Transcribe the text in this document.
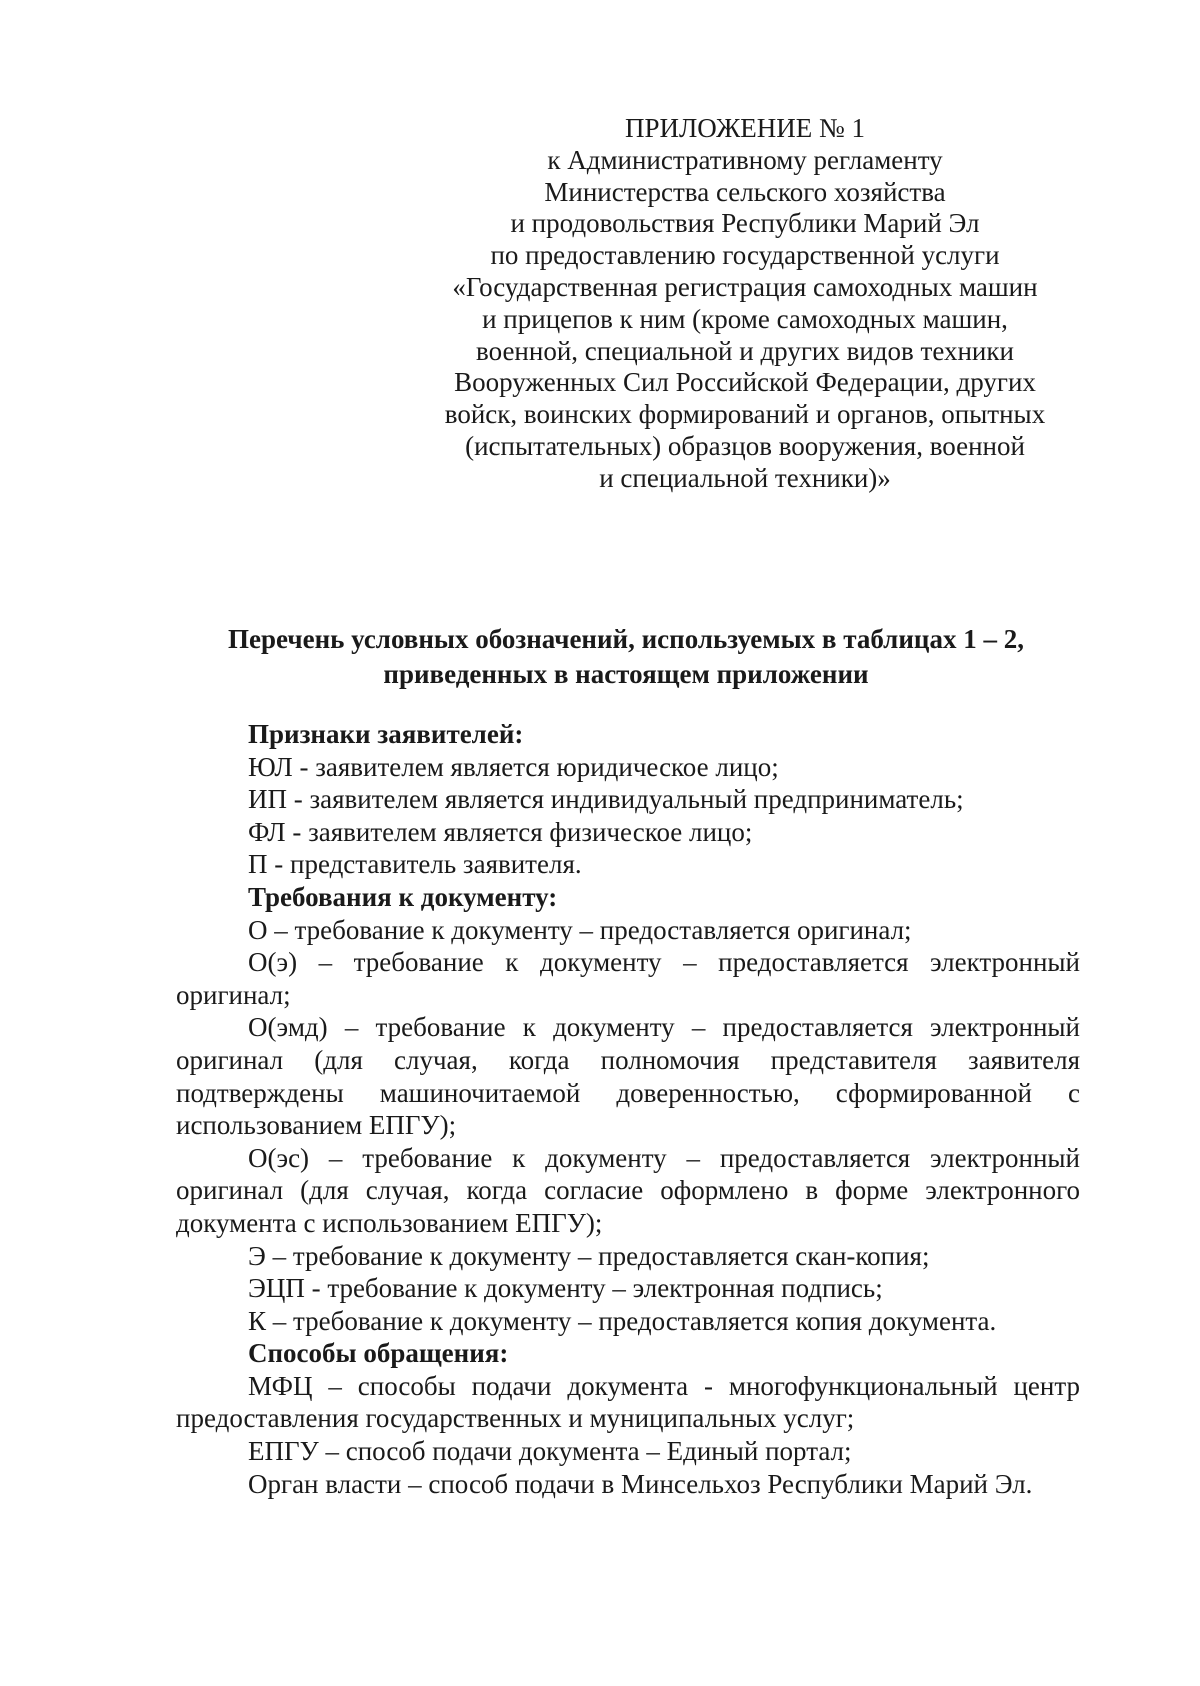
ПРИЛОЖЕНИЕ № 1
к Административному регламенту
Министерства сельского хозяйства
и продовольствия Республики Марий Эл
по предоставлению государственной услуги
«Государственная регистрация самоходных машин
и прицепов к ним (кроме самоходных машин,
военной, специальной и других видов техники
Вооруженных Сил Российской Федерации, других
войск, воинских формирований и органов, опытных
(испытательных) образцов вооружения, военной
и специальной техники)»
Перечень условных обозначений, используемых в таблицах 1 – 2,
приведенных в настоящем приложении
Признаки заявителей:
ЮЛ - заявителем является юридическое лицо;
ИП - заявителем является индивидуальный предприниматель;
ФЛ - заявителем является физическое лицо;
П - представитель заявителя.
Требования к документу:
О – требование к документу – предоставляется оригинал;
О(э) – требование к документу – предоставляется электронный оригинал;
О(эмд) – требование к документу – предоставляется электронный оригинал (для случая, когда полномочия представителя заявителя подтверждены машиночитаемой доверенностью, сформированной с использованием ЕПГУ);
О(эс) – требование к документу – предоставляется электронный оригинал (для случая, когда согласие оформлено в форме электронного документа с использованием ЕПГУ);
Э – требование к документу – предоставляется скан-копия;
ЭЦП - требование к документу – электронная подпись;
К – требование к документу – предоставляется копия документа.
Способы обращения:
МФЦ – способы подачи документа - многофункциональный центр предоставления государственных и муниципальных услуг;
ЕПГУ – способ подачи документа – Единый портал;
Орган власти – способ подачи в Минсельхоз Республики Марий Эл.
